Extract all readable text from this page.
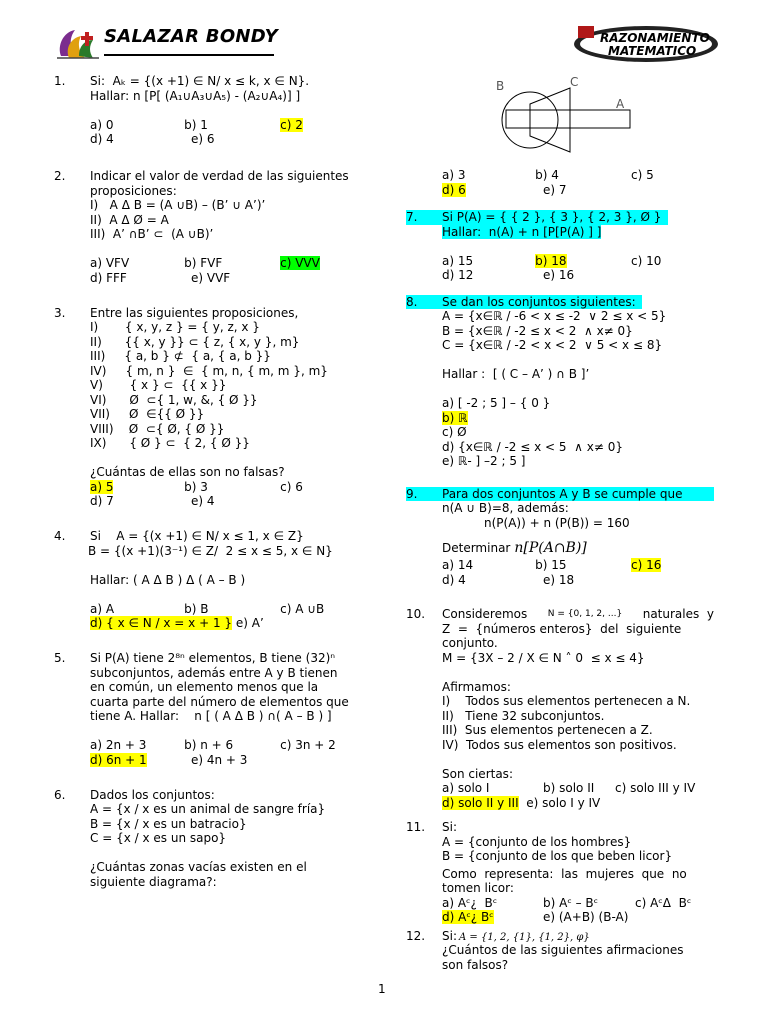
SALAZAR BONDY	RAZONAMIENTO
MATEMATICO
1. Si:  Aₖ = {(x +1) ∈ N/ x ≤ k, x ∈ N}.
Hallar: n [P[ (A₁∪A₃∪A₅) - (A₂∪A₄)] ]
a) 0	b) 1	c) 2
d) 4	e) 6
2. Indicar el valor de verdad de las siguientes
proposiciones:
I)   A Δ B = (A ∪B) – (B’ ∪ A’)’
II)  A Δ Ø = A
III)  A’ ∩B’ ⊂  (A ∪B)’
a) VFV	b) FVF	c) VVV
d) FFF	e) VVF
3. Entre las siguientes proposiciones,
I)       { x, y, z } = { y, z, x }
II)      {{ x, y }} ⊂ { z, { x, y }, m}
III)     { a, b } ⊄  { a, { a, b }}
IV)     { m, n }  ∈  { m, n, { m, m }, m}
V)       { x } ⊂  {{ x }}
VI)      Ø  ⊂{ 1, w, &, { Ø }}
VII)     Ø  ∈{{ Ø }}
VIII)    Ø  ⊂{ Ø, { Ø }}
IX)      { Ø } ⊂  { 2, { Ø }}
¿Cuántas de ellas son no falsas?
a) 5	b) 3	c) 6
d) 7	e) 4
4. Si    A = {(x +1) ∈ N/ x ≤ 1, x ∈ Z}
B = {(x +1)(3⁻¹) ∈ Z/  2 ≤ x ≤ 5, x ∈ N}
Hallar: ( A Δ B ) Δ ( A – B )
a) A	b) B	c) A ∪B
d) { x ∈ N / x = x + 1 } e) A’
5. Si P(A) tiene 2⁸ⁿ elementos, B tiene (32)ⁿ
subconjuntos, además entre A y B tienen
en común, un elemento menos que la
cuarta parte del número de elementos que
tiene A. Hallar:    n [ ( A Δ B ) ∩( A – B ) ]
a) 2n + 3	b) n + 6	c) 3n + 2
d) 6n + 1	e) 4n + 3
6. Dados los conjuntos:
A = {x / x es un animal de sangre fría}
B = {x / x es un batracio}
C = {x / x es un sapo}
¿Cuántas zonas vacías existen en el
siguiente diagrama?:
B	C
A
a) 3	b) 4	c) 5
d) 6	e) 7
7. Si P(A) = { { 2 }, { 3 }, { 2, 3 }, Ø }
Hallar:  n(A) + n [P[P(A) ] ]
a) 15	b) 18	c) 10
d) 12	e) 16
8. Se dan los conjuntos siguientes:
A = {x∈ℝ / -6 < x ≤ -2  ∨ 2 ≤ x < 5}
B = {x∈ℝ / -2 ≤ x < 2  ∧ x≠ 0}
C = {x∈ℝ / -2 < x < 2  ∨ 5 < x ≤ 8}
Hallar :  [ ( C – A’ ) ∩ B ]’
a) [ -2 ; 5 ] – { 0 }
b) ℝ
c) Ø
d) {x∈ℝ / -2 ≤ x < 5  ∧ x≠ 0}
e) ℝ- ] –2 ; 5 ]
9. Para dos conjuntos A y B se cumple que
n(A ∪ B)=8, además:
n(P(A)) + n (P(B)) = 160
Determinar n[P(A∩B)]
a) 14	b) 15	c) 16
d) 4	e) 18
10. Consideremos N = {0, 1, 2, ...} naturales  y
Z  =  {números enteros}  del  siguiente
conjunto.
M = {3X – 2 / X ∈ N ˄ 0  ≤ x ≤ 4}
Afirmamos:
I)    Todos sus elementos pertenecen a N.
II)   Tiene 32 subconjuntos.
III)  Sus elementos pertenecen a Z.
IV)  Todos sus elementos son positivos.
Son ciertas:
a) solo I	b) solo II	c) solo III y IV
d) solo II y III e) solo I y IV
11. Si:
A = {conjunto de los hombres}
B = {conjunto de los que beben licor}
Como  representa:  las  mujeres  que  no
tomen licor:
a) Aᶜ¿  Bᶜ	b) Aᶜ – Bᶜ	c) AᶜΔ  Bᶜ
d) Aᶜ¿ Bᶜ	e) (A+B) (B-A)
12. Si: A = {1, 2, {1}, {1, 2}, φ}
¿Cuántos de las siguientes afirmaciones
son falsos?
1
